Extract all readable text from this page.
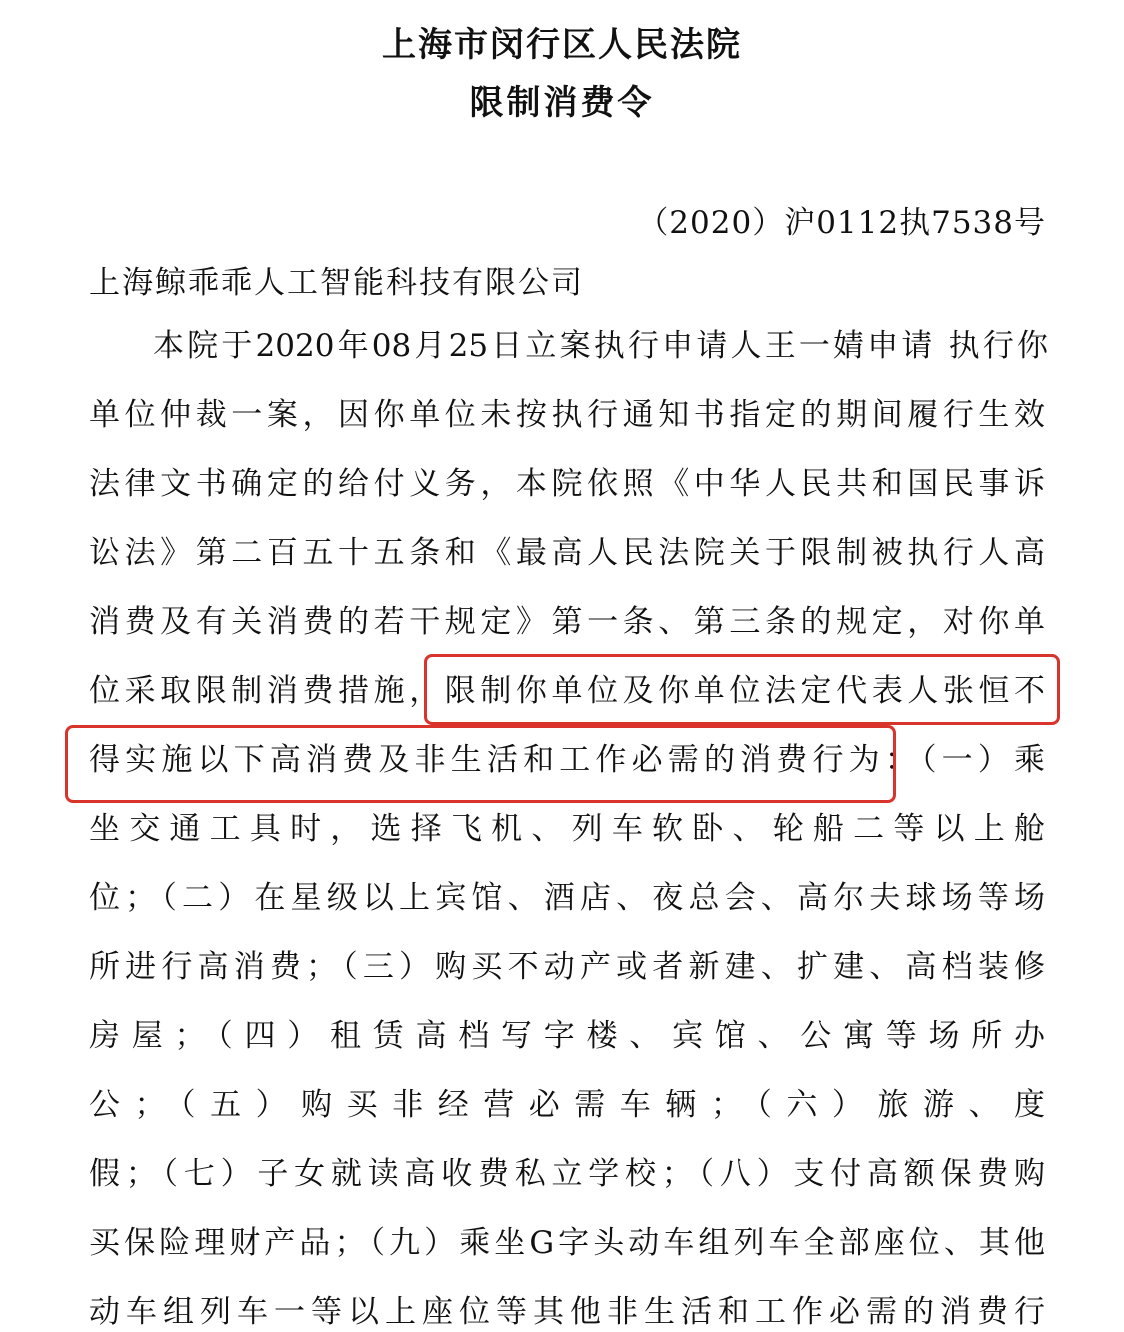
上海市闵行区人民法院
限制消费令
（2020）沪0112执7538号
上海鲸乖乖人工智能科技有限公司
本院于2020年08月25日立案执行申请人王一婧申请 执行你
单位仲裁一案，因你单位未按执行通知书指定的期间履行生效
法律文书确定的给付义务，本院依照《中华人民共和国民事诉
讼法》第二百五十五条和《最高人民法院关于限制被执行人高
消费及有关消费的若干规定》第一条、第三条的规定，对你单
位采取限制消费措施，限制你单位及你单位法定代表人张恒不
得实施以下高消费及非生活和工作必需的消费行为：（一）乘
坐交通工具时，选择飞机、列车软卧、轮船二等以上舱
位；（二）在星级以上宾馆、酒店、夜总会、高尔夫球场等场
所进行高消费；（三）购买不动产或者新建、扩建、高档装修
房屋；（四）租赁高档写字楼、宾馆、公寓等场所办
公；（五）购买非经营必需车辆；（六）旅游、度
假；（七）子女就读高收费私立学校；（八）支付高额保费购
买保险理财产品；（九）乘坐G字头动车组列车全部座位、其他
动车组列车一等以上座位等其他非生活和工作必需的消费行
